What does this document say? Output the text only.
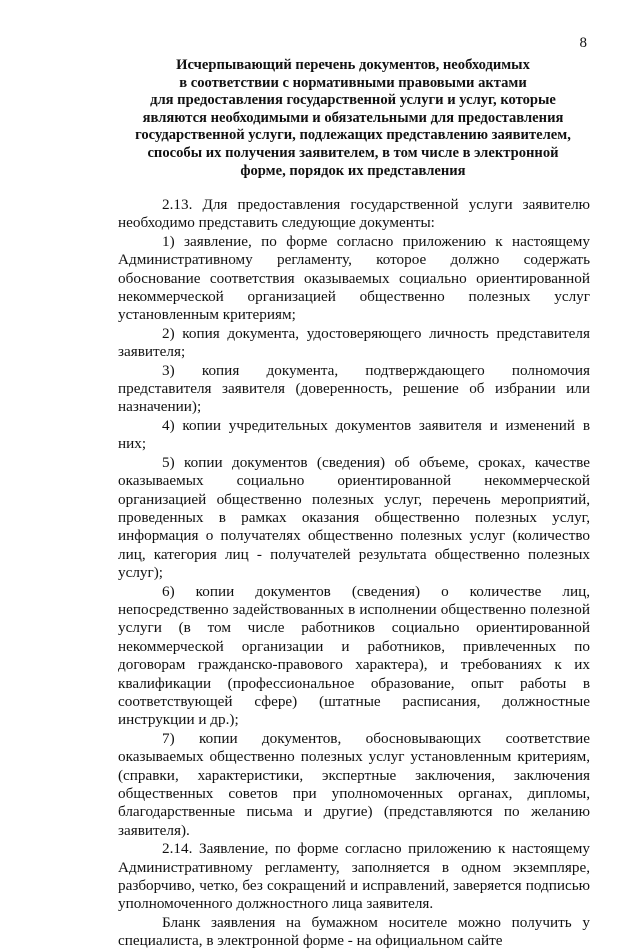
8
Исчерпывающий перечень документов, необходимых
в соответствии с нормативными правовыми актами
для предоставления государственной услуги и услуг, которые
являются необходимыми и обязательными для предоставления
государственной услуги, подлежащих представлению заявителем,
способы их получения заявителем, в том числе в электронной
форме, порядок их представления

2.13. Для предоставления государственной услуги заявителю необходимо представить следующие документы:

1) заявление, по форме согласно приложению к настоящему Административному регламенту, которое должно содержать обоснование соответствия оказываемых социально ориентированной некоммерческой организацией общественно полезных услуг установленным критериям;

2) копия документа, удостоверяющего личность представителя заявителя;

3) копия документа, подтверждающего полномочия представителя заявителя (доверенность, решение об избрании или назначении);

4) копии учредительных документов заявителя и изменений в них;

5) копии документов (сведения) об объеме, сроках, качестве оказываемых социально ориентированной некоммерческой организацией общественно полезных услуг, перечень мероприятий, проведенных в рамках оказания общественно полезных услуг, информация о получателях общественно полезных услуг (количество лиц, категория лиц - получателей результата общественно полезных услуг);

6) копии документов (сведения) о количестве лиц, непосредственно задействованных в исполнении общественно полезной услуги (в том числе работников социально ориентированной некоммерческой организации и работников, привлеченных по договорам гражданско-правового характера), и требованиях к их квалификации (профессиональное образование, опыт работы в соответствующей сфере) (штатные расписания, должностные инструкции и др.);

7) копии документов, обосновывающих соответствие оказываемых общественно полезных услуг установленным критериям, (справки, характеристики, экспертные заключения, заключения общественных советов при уполномоченных органах, дипломы, благодарственные письма и другие) (представляются по желанию заявителя).

2.14. Заявление, по форме согласно приложению к настоящему Административному регламенту, заполняется в одном экземпляре, разборчиво, четко, без сокращений и исправлений, заверяется подписью уполномоченного должностного лица заявителя.

Бланк заявления на бумажном носителе можно получить у специалиста, в электронной форме - на официальном сайте
